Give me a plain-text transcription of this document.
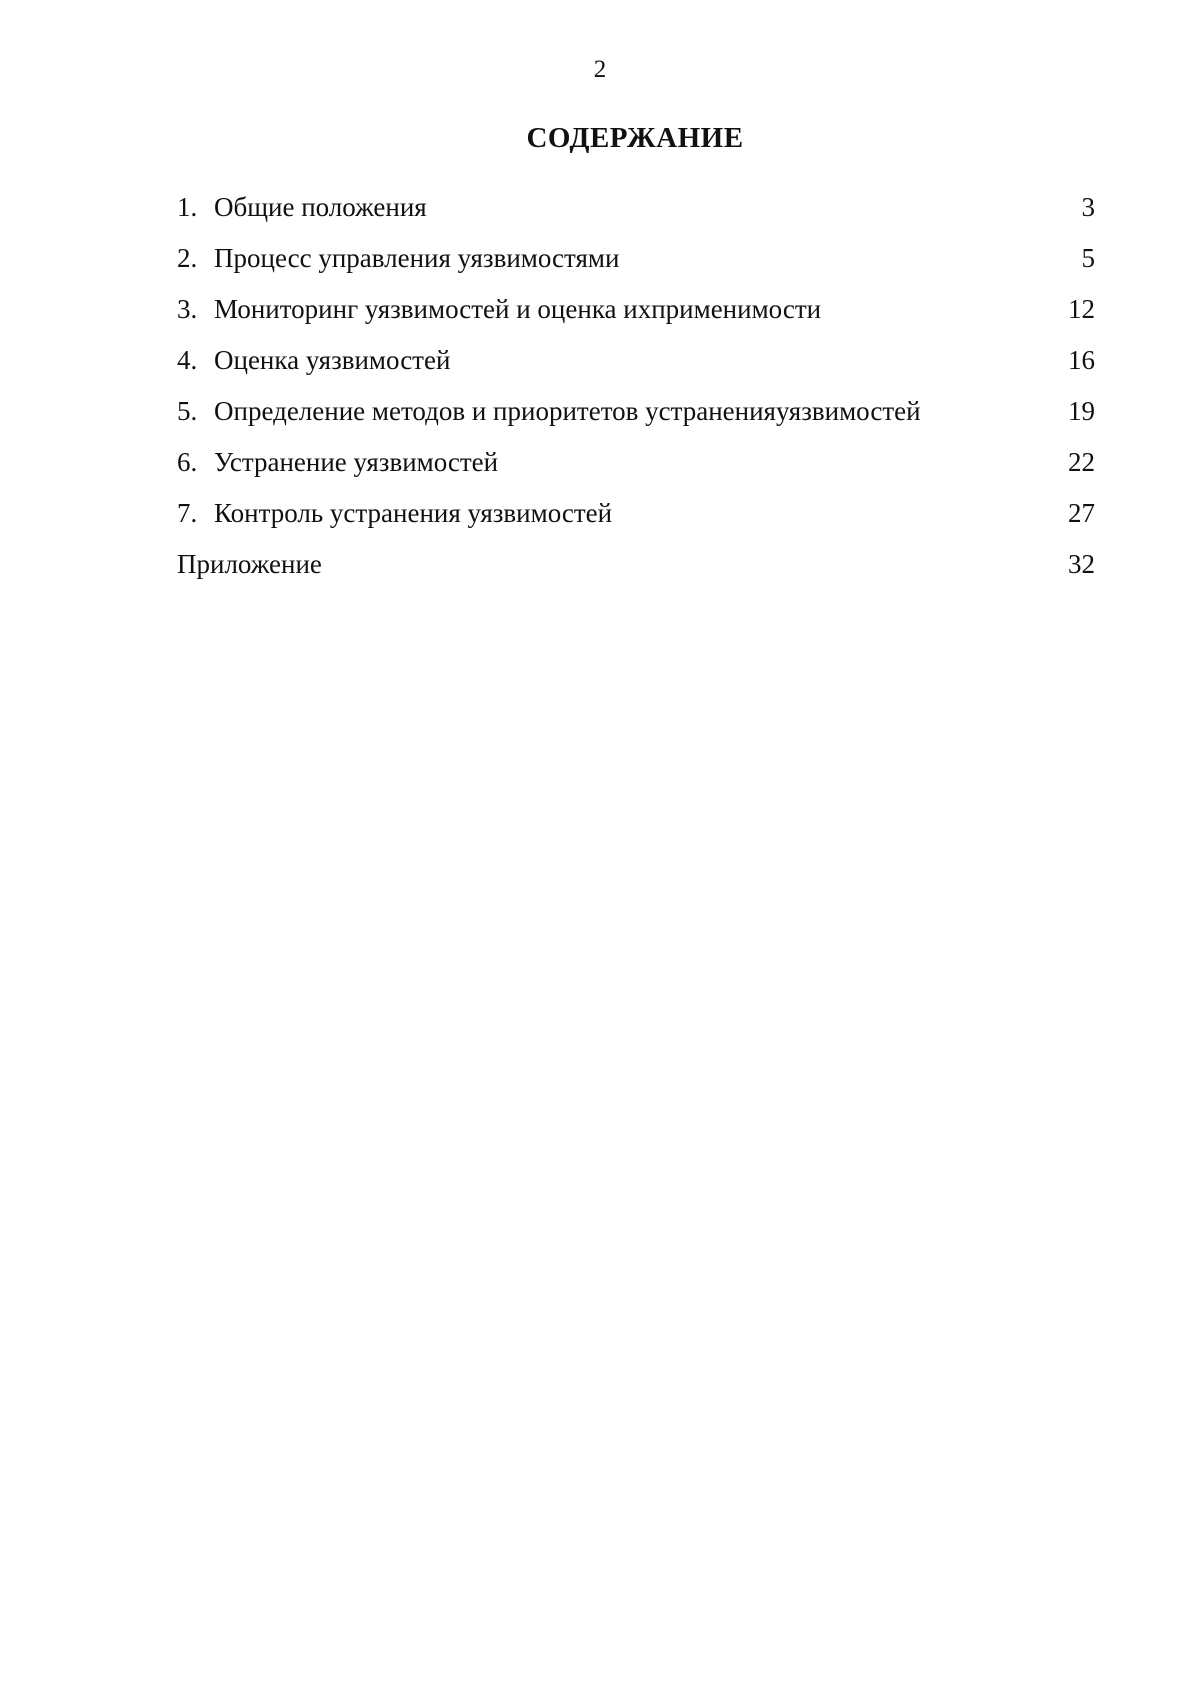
2
СОДЕРЖАНИЕ
1. Общие положения	3
2. Процесс управления уязвимостями	5
3. Мониторинг уязвимостей и оценка ихприменимости	12
4. Оценка уязвимостей	16
5. Определение методов и приоритетов устраненияуязвимостей	19
6. Устранение уязвимостей	22
7. Контроль устранения уязвимостей	27
Приложение	32
